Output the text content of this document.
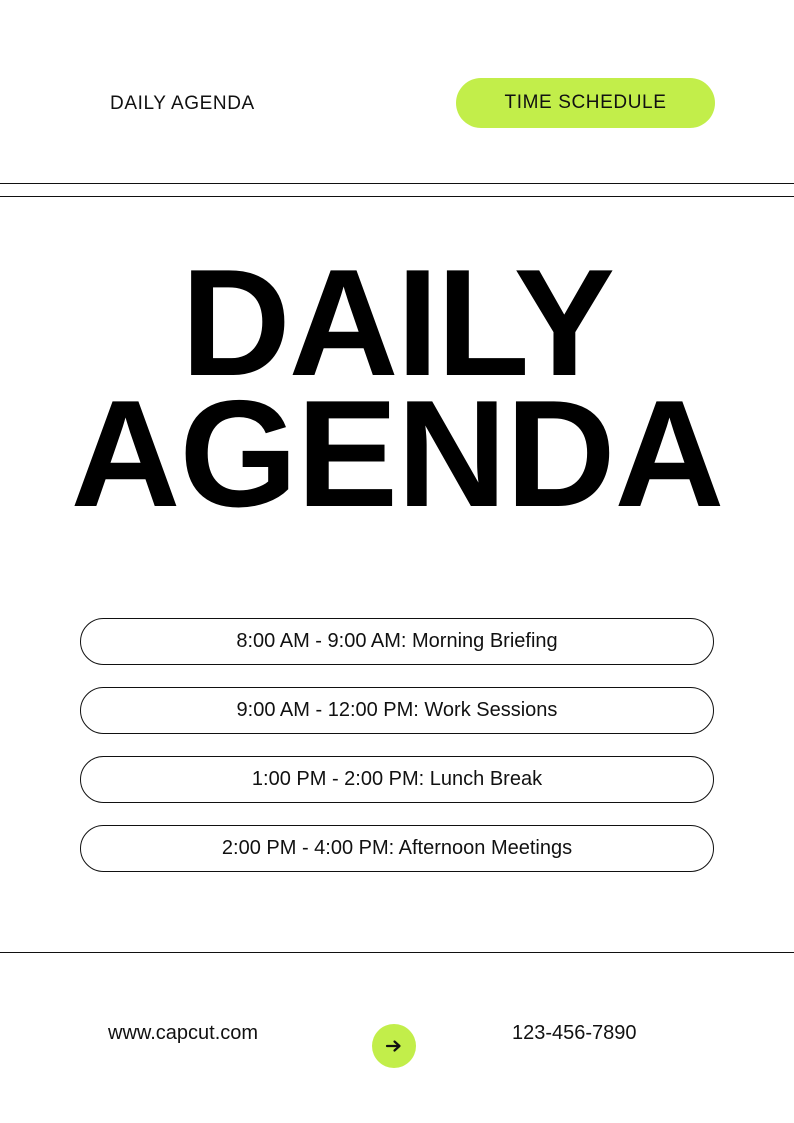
DAILY AGENDA	TIME SCHEDULE
DAILY
AGENDA
8:00 AM - 9:00 AM: Morning Briefing
9:00 AM - 12:00 PM: Work Sessions
1:00 PM - 2:00 PM: Lunch Break
2:00 PM - 4:00 PM: Afternoon Meetings
www.capcut.com	123-456-7890
